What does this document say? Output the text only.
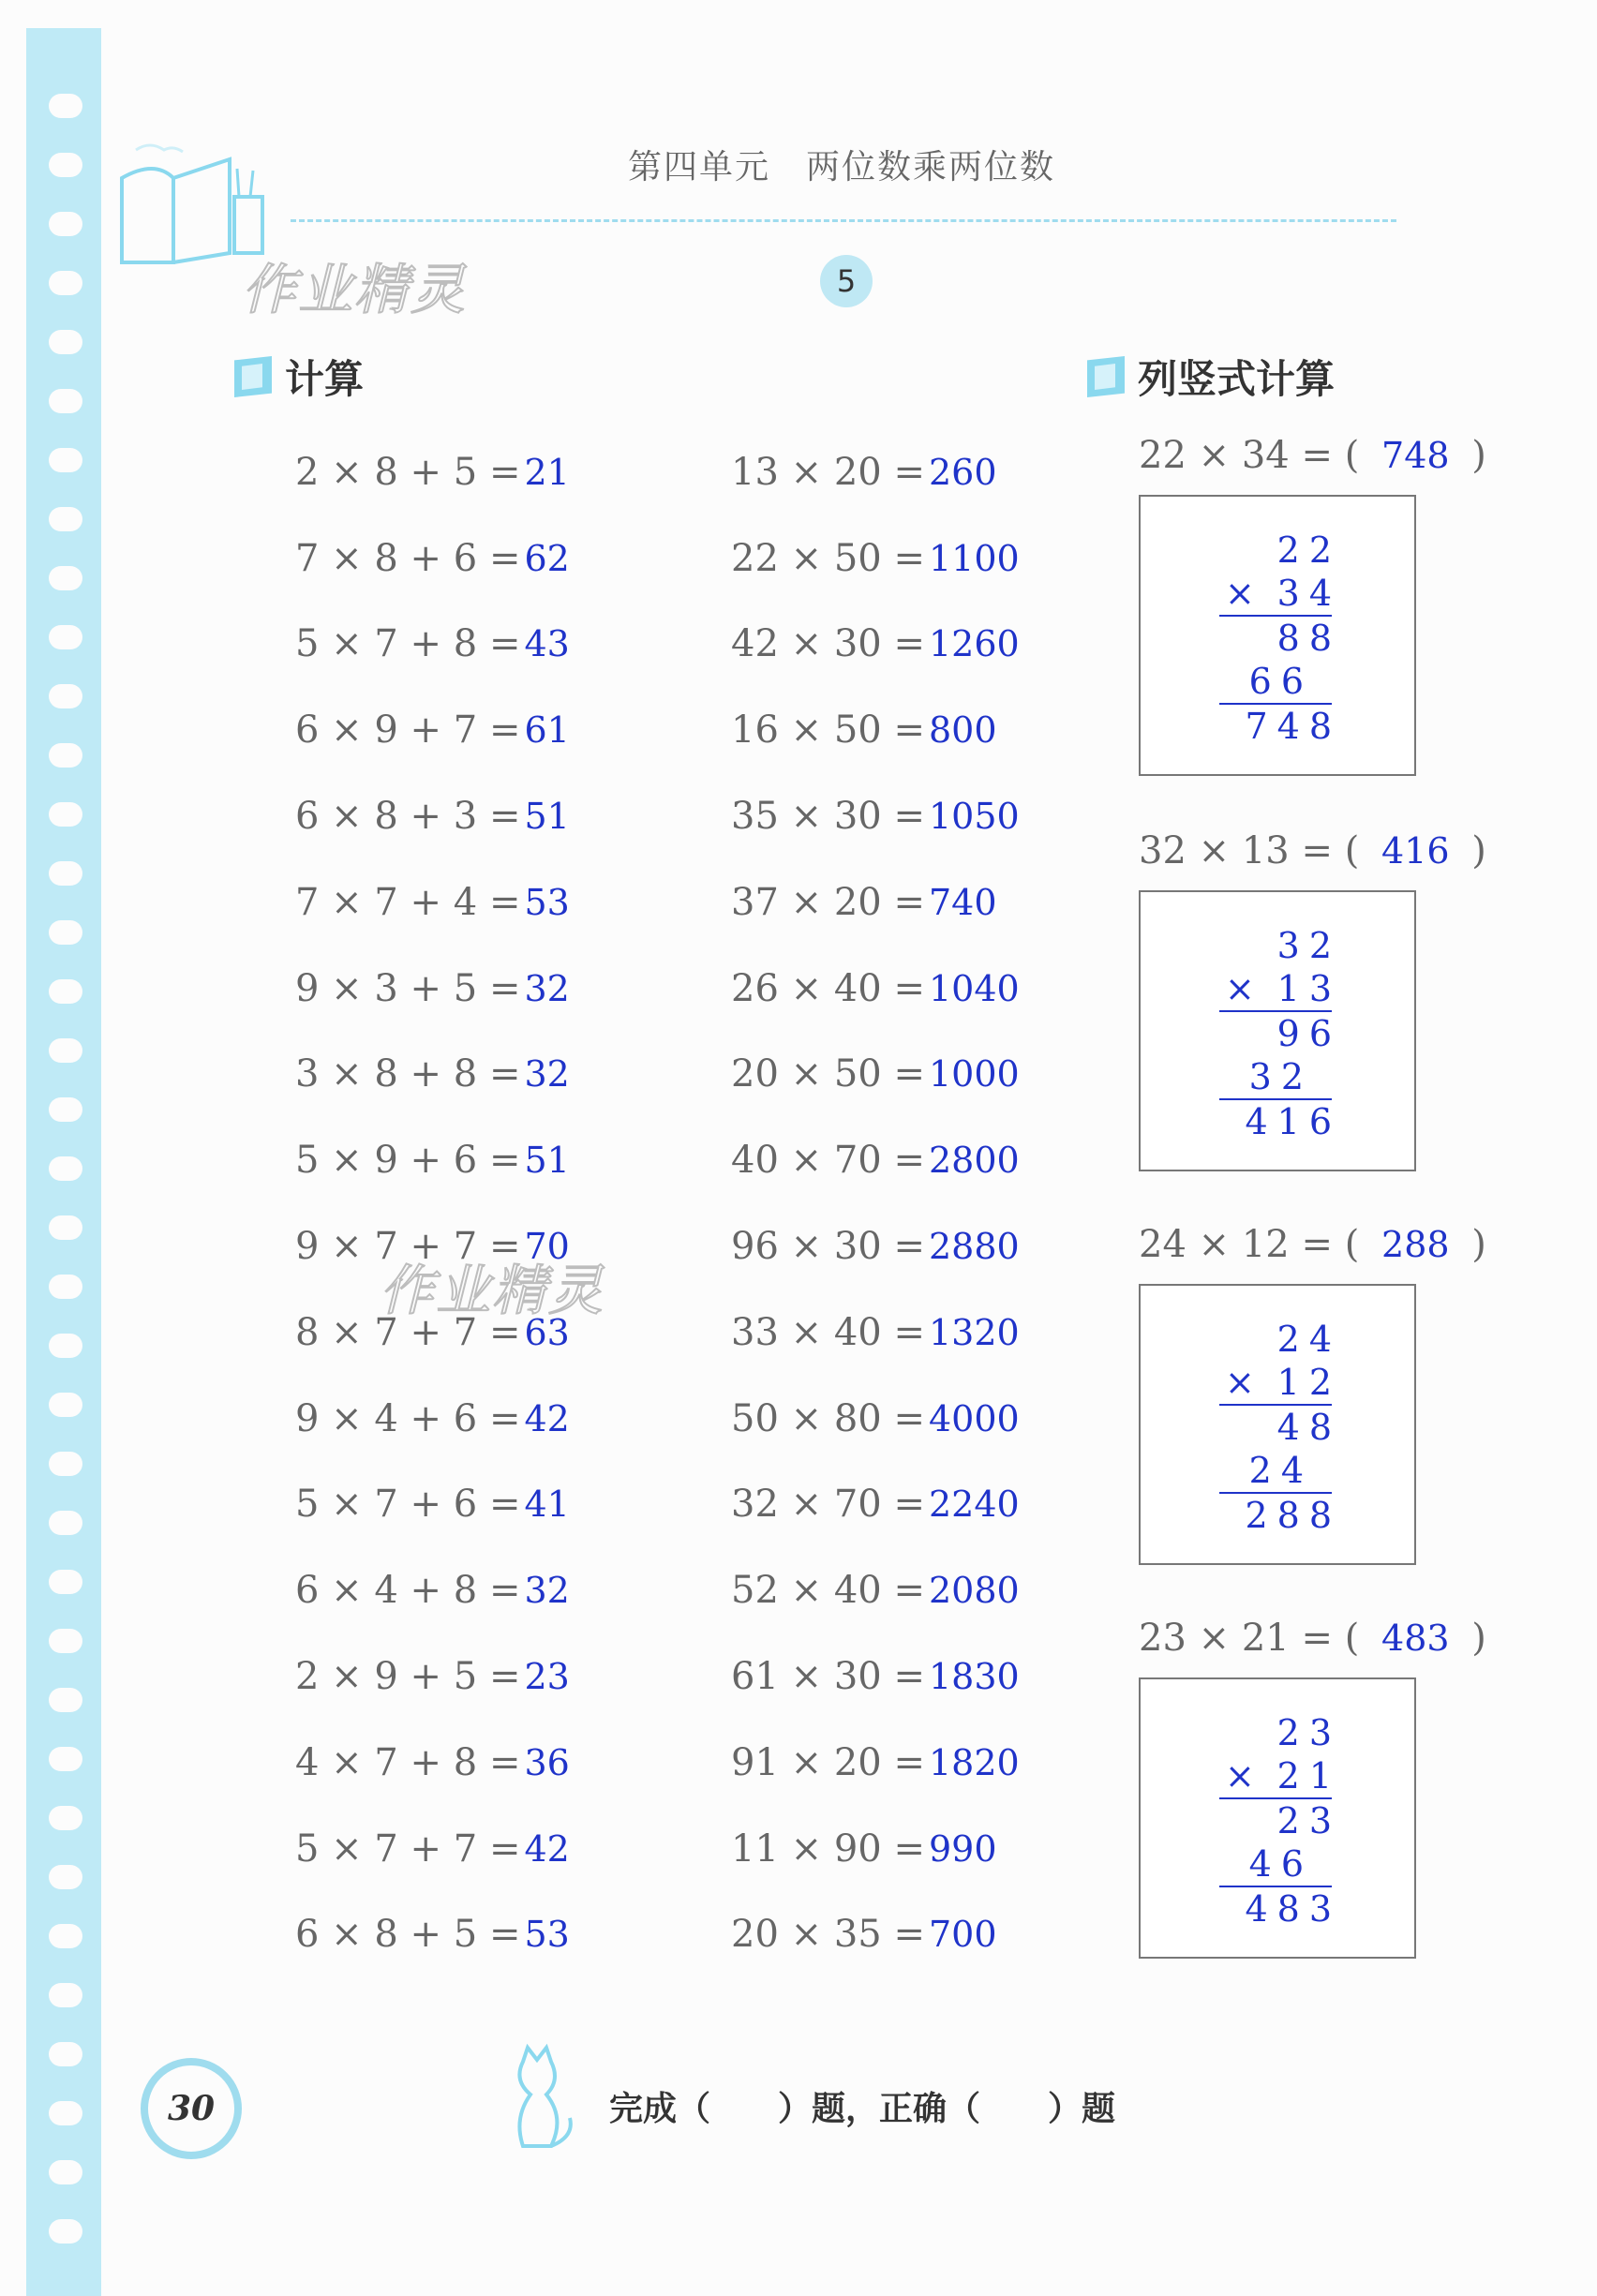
第四单元　两位数乘两位数
作业精灵
作业精灵
5
计算	列竖式计算
2 × 8 + 5 = 21
7 × 8 + 6 = 62
5 × 7 + 8 = 43
6 × 9 + 7 = 61
6 × 8 + 3 = 51
7 × 7 + 4 = 53
9 × 3 + 5 = 32
3 × 8 + 8 = 32
5 × 9 + 6 = 51
9 × 7 + 7 = 70
8 × 7 + 7 = 63
9 × 4 + 6 = 42
5 × 7 + 6 = 41
6 × 4 + 8 = 32
2 × 9 + 5 = 23
4 × 7 + 8 = 36
5 × 7 + 7 = 42
6 × 8 + 5 = 53
13 × 20 = 260
22 × 50 = 1100
42 × 30 = 1260
16 × 50 = 800
35 × 30 = 1050
37 × 20 = 740
26 × 40 = 1040
20 × 50 = 1000
40 × 70 = 2800
96 × 30 = 2880
33 × 40 = 1320
50 × 80 = 4000
32 × 70 = 2240
52 × 40 = 2080
61 × 30 = 1830
91 × 20 = 1820
11 × 90 = 990
20 × 35 = 700
22 × 34 = ( 748 )
22
× 34
88
66
748
32 × 13 = ( 416 )
32
× 13
96
32
416
24 × 12 = ( 288 )
24
× 12
48
24
288
23 × 21 = ( 483 )
23
× 21
23
46
483
30	完成（　　）题，正确（　　）题
